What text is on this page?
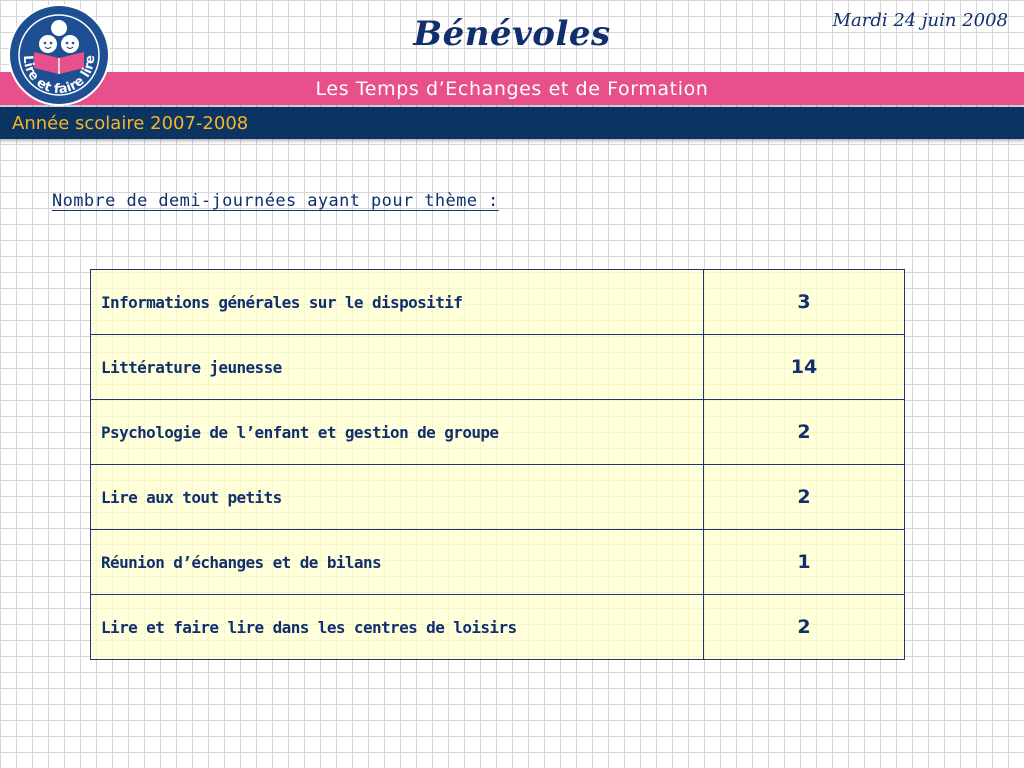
Lire et faire lire
Bénévoles	Mardi 24 juin 2008
Les Temps d’Echanges et de Formation
Année scolaire 2007-2008
Nombre de demi-journées ayant pour thème :
Informations générales sur le dispositif	3
Littérature jeunesse	14
Psychologie de l’enfant et gestion de groupe	2
Lire aux tout petits	2
Réunion d’échanges et de bilans	1
Lire et faire lire dans les centres de loisirs	2
